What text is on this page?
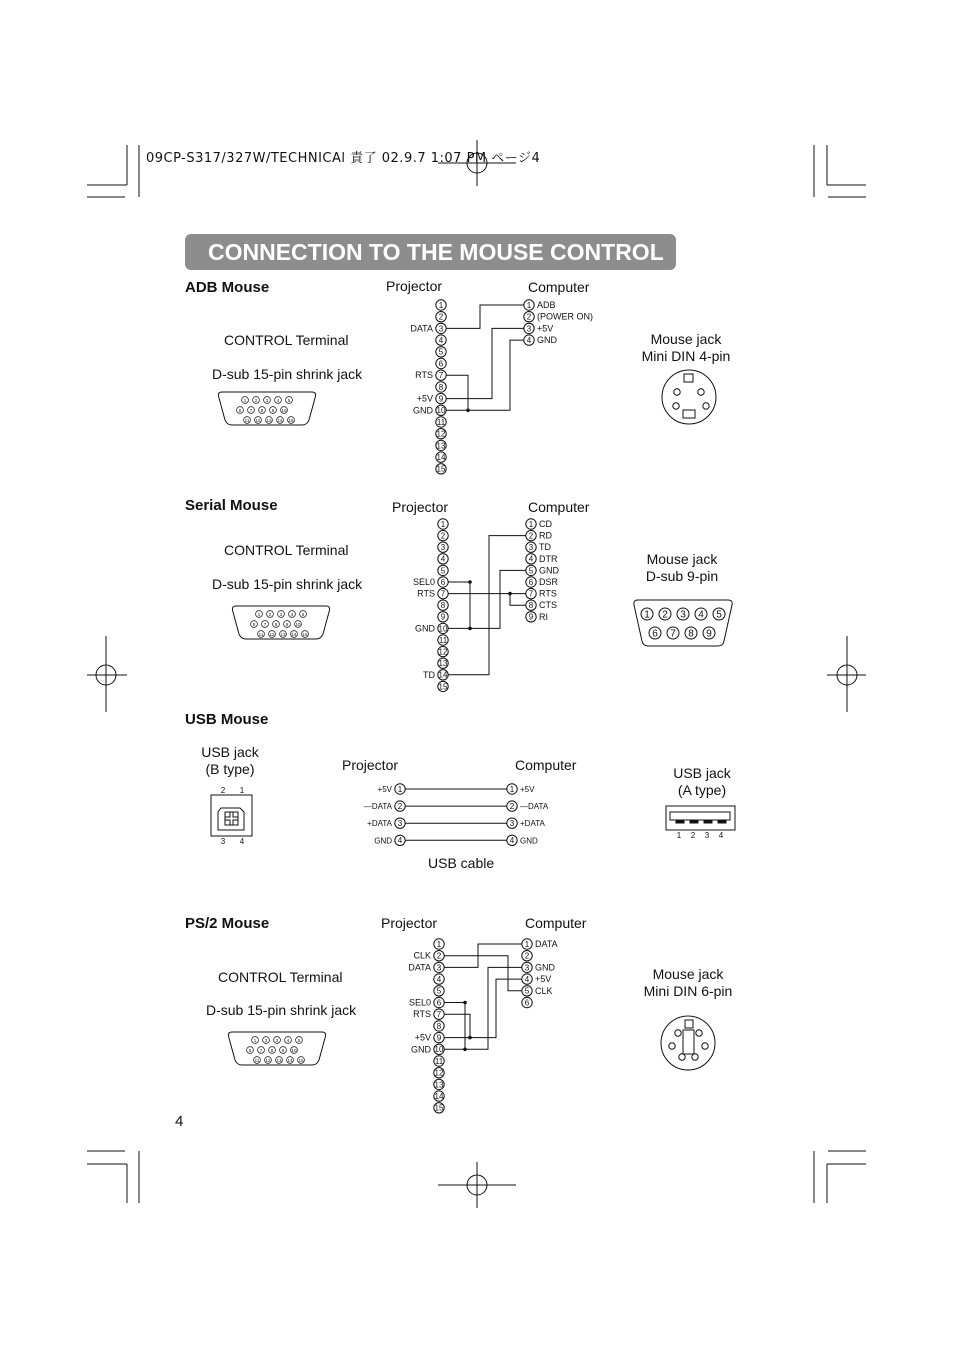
09CP-S317/327W/TECHNICAl 責了 02.9.7 1:07 PM ページ4
CONNECTION TO THE MOUSE CONTROL
ADB Mouse	Projector	Computer
CONTROL Terminal
D-sub 15-pin shrink jack
Mouse jack
Mini DIN 4-pin
Serial Mouse	Projector	Computer
CONTROL Terminal
D-sub 15-pin shrink jack
Mouse jack
D-sub 9-pin
USB Mouse
USB jack
(B type)	Projector	Computer	USB jack
(A type)
USB cable
PS/2 Mouse	Projector	Computer
CONTROL Terminal
D-sub 15-pin shrink jack
Mouse jack
Mini DIN 6-pin
4
1
2
3
DATA
4
5
6
7
RTS
8
9
+5V
10
GND
11
12
13
14
15
1 ADB
2 (POWER ON)
3 +5V
4 GND
1 2 3 4 5
6 7 8 9 10
11 12 13 14 15
1
2
3
4
5
6
SEL0
7
RTS
8
9
10
GND
11
12
13
14
TD
15
1 CD
2 RD
3 TD
4 DTR
5 GND
6 DSR
7 RTS
8 CTS
9 RI
1 2 3 4 5
6 7 8 9 10
11 12 13 14 15
1 2 3 4 5
6 7 8 9
1	1
+5V	+5V
2	2
—DATA	—DATA
3	3
+DATA	+DATA
4	4
GND	GND
2 1
3 4
1 2 3 4
1
2
CLK
3
DATA
4
5
6
SEL0
7
RTS
8
9
+5V
10
GND
11
12
13
14
15
1 DATA
2
3 GND
4 +5V
5 CLK
6
1 2 3 4 5
6 7 8 9 10
11 12 13 14 15
